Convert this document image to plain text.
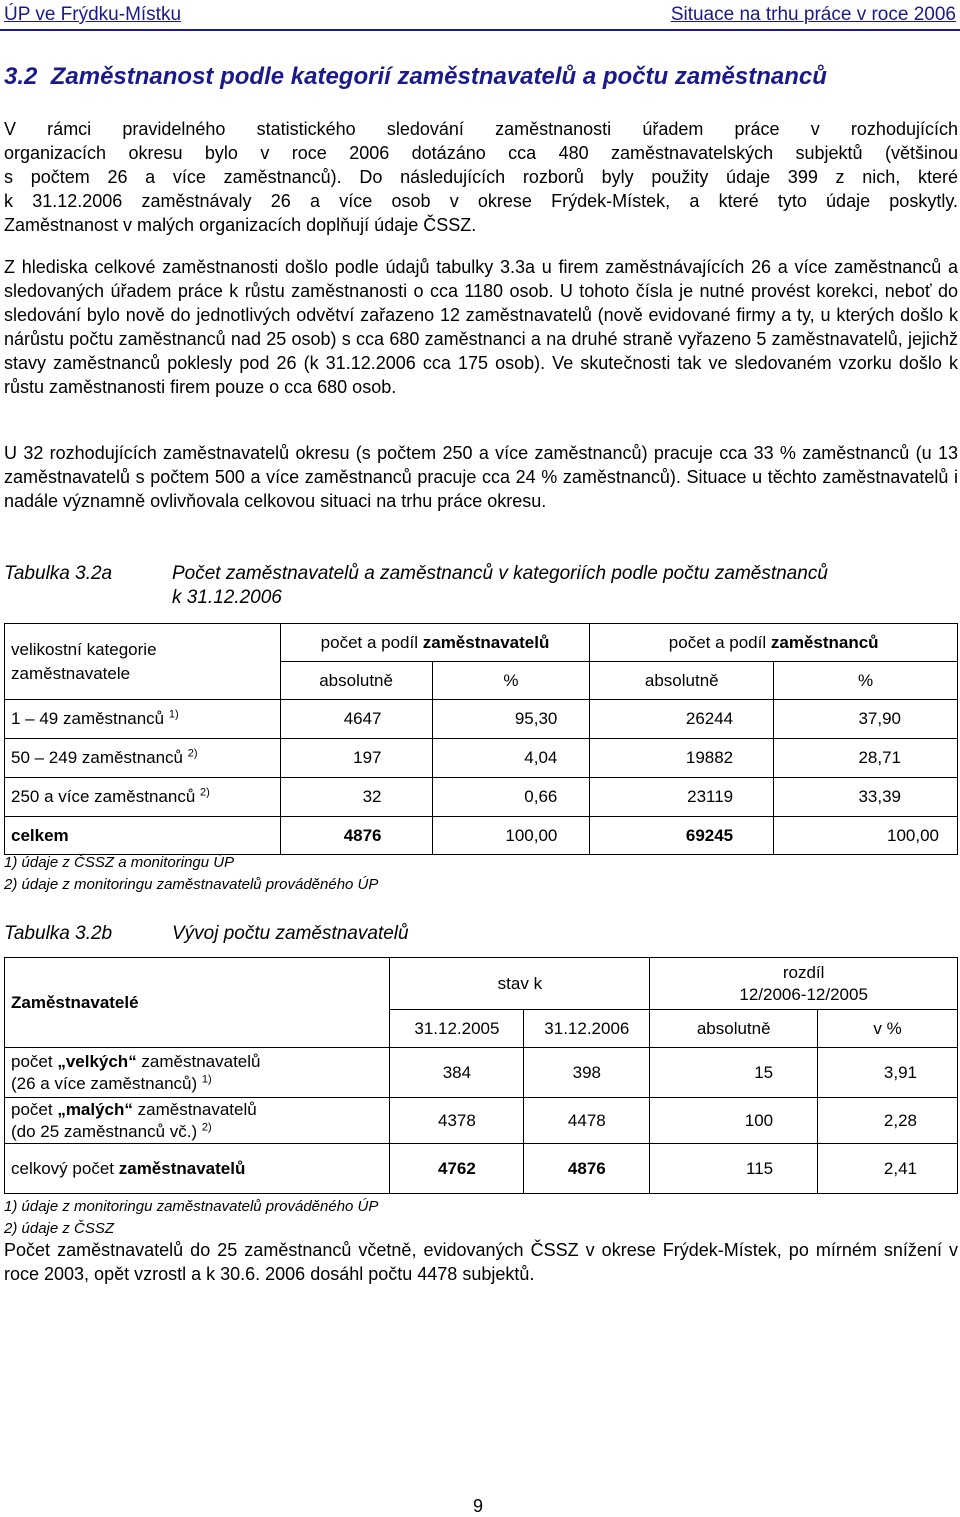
ÚP ve Frýdku-Místku	Situace na trhu práce v roce 2006
3.2 Zaměstnanost podle kategorií zaměstnavatelů a počtu zaměstnanců
V rámci pravidelného statistického sledování zaměstnanosti úřadem práce v rozhodujících
organizacích okresu bylo v roce 2006 dotázáno cca 480 zaměstnavatelských subjektů (většinou
s počtem 26 a více zaměstnanců). Do následujících rozborů byly použity údaje 399 z nich, které
k 31.12.2006 zaměstnávaly 26 a více osob v okrese Frýdek-Místek, a které tyto údaje poskytly.
Zaměstnanost v malých organizacích doplňují údaje ČSSZ.
Z hlediska celkové zaměstnanosti došlo podle údajů tabulky 3.3a u firem zaměstnávajících 26 a více zaměstnanců a sledovaných úřadem práce k růstu zaměstnanosti o cca 1180 osob. U tohoto čísla je nutné provést korekci, neboť do sledování bylo nově do jednotlivých odvětví zařazeno 12 zaměstnavatelů (nově evidované firmy a ty, u kterých došlo k nárůstu počtu zaměstnanců nad 25 osob) s cca 680 zaměstnanci a na druhé straně vyřazeno 5 zaměstnavatelů, jejichž stavy zaměstnanců poklesly pod 26 (k 31.12.2006 cca 175 osob). Ve skutečnosti tak ve sledovaném vzorku došlo k růstu zaměstnanosti firem pouze o cca 680 osob.
U 32 rozhodujících zaměstnavatelů okresu (s počtem 250 a více zaměstnanců) pracuje cca 33 % zaměstnanců (u 13 zaměstnavatelů s počtem 500 a více zaměstnanců pracuje cca 24 % zaměstnanců). Situace u těchto zaměstnavatelů i nadále významně ovlivňovala celkovou situaci na trhu práce okresu.
Tabulka 3.2a	Počet zaměstnavatelů a zaměstnanců v kategoriích podle počtu zaměstnanců
k 31.12.2006
velikostní kategorie zaměstnavatele	počet a podíl zaměstnavatelů		počet a podíl zaměstnanců	
	absolutně	%	absolutně	%
1 – 49 zaměstnanců $^{1)}$	4647	95,30	26244	37,90
50 – 249 zaměstnanců $^{2)}$	197	4,04	19882	28,71
250 a více zaměstnanců $^{2)}$	32	0,66	23119	33,39
celkem	4876	100,00	69245	100,00
1) údaje z ČSSZ a monitoringu ÚP
2) údaje z monitoringu zaměstnavatelů prováděného ÚP
Tabulka 3.2b	Vývoj počtu zaměstnavatelů
Zaměstnavatelé	stav k		rozdíl
12/2006-12/2005	

	31.12.2005	31.12.2006	absolutně	v %

počet „velkých“ zaměstnavatelů
(26 a více zaměstnanců) $^{1)}$	384	398	15	3,91

počet „malých“ zaměstnavatelů
(do 25 zaměstnanců vč.) $^{2)}$	4378	4478	100	2,28
celkový počet zaměstnavatelů	4762	4876	115	2,41
1) údaje z monitoringu zaměstnavatelů prováděného ÚP
2) údaje z ČSSZ
Počet zaměstnavatelů do 25 zaměstnanců včetně, evidovaných ČSSZ v okrese Frýdek-Místek, po mírném snížení v roce 2003, opět vzrostl a k 30.6. 2006 dosáhl počtu 4478 subjektů.
9
